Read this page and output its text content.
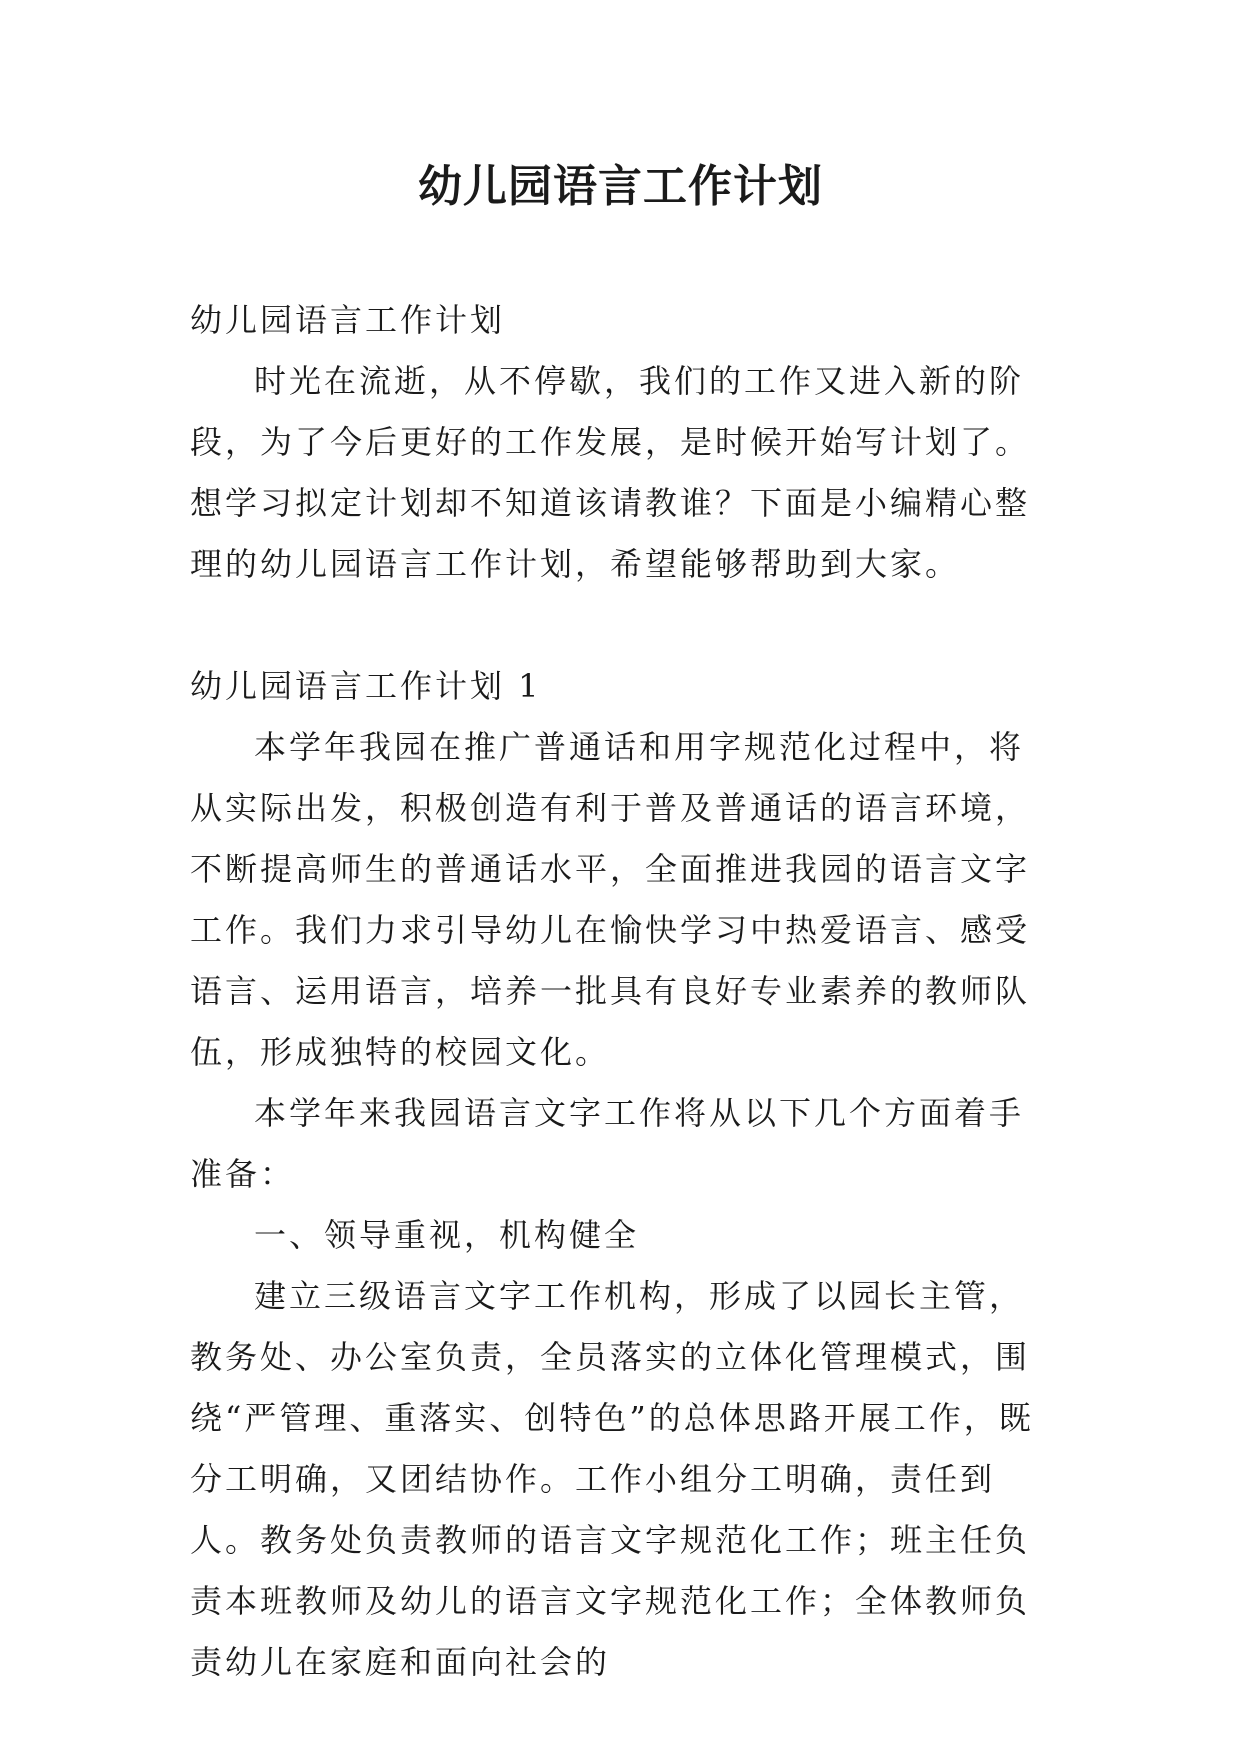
幼儿园语言工作计划

幼儿园语言工作计划

时光在流逝，从不停歇，我们的工作又进入新的阶段，为了今后更好的工作发展，是时候开始写计划了。想学习拟定计划却不知道该请教谁？下面是小编精心整理的幼儿园语言工作计划，希望能够帮助到大家。

幼儿园语言工作计划 1

本学年我园在推广普通话和用字规范化过程中，将从实际出发，积极创造有利于普及普通话的语言环境，不断提高师生的普通话水平，全面推进我园的语言文字工作。我们力求引导幼儿在愉快学习中热爱语言、感受语言、运用语言，培养一批具有良好专业素养的教师队伍，形成独特的校园文化。

本学年来我园语言文字工作将从以下几个方面着手准备：

一、领导重视，机构健全

建立三级语言文字工作机构，形成了以园长主管，教务处、办公室负责，全员落实的立体化管理模式，围绕“严管理、重落实、创特色”的总体思路开展工作，既分工明确，又团结协作。工作小组分工明确，责任到人。教务处负责教师的语言文字规范化工作；班主任负责本班教师及幼儿的语言文字规范化工作；全体教师负责幼儿在家庭和面向社会的
